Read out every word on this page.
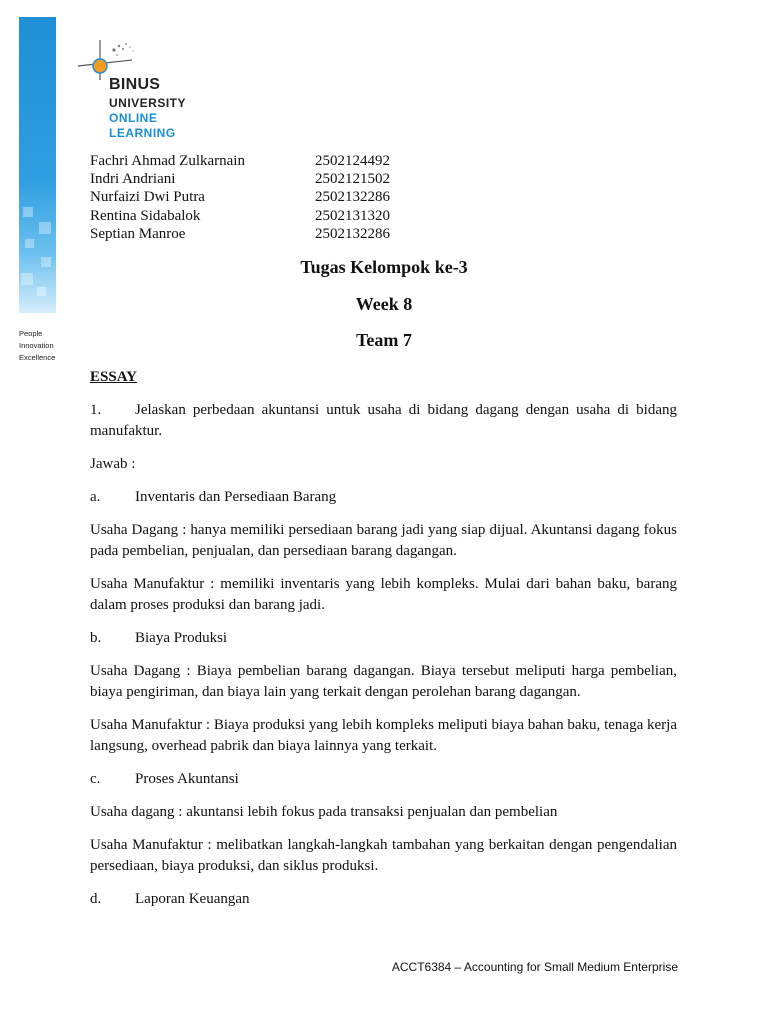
People
Innovation
Excellence
BINUS
UNIVERSITY
ONLINE
LEARNING
Fachri Ahmad Zulkarnain	2502124492
Indri Andriani	2502121502
Nurfaizi Dwi Putra	2502132286
Rentina Sidabalok	2502131320
Septian Manroe	2502132286
Tugas Kelompok ke-3
Week 8
Team 7

ESSAY

1. Jelaskan perbedaan akuntansi untuk usaha di bidang dagang dengan usaha di bidang manufaktur.

Jawab :

a.	Inventaris dan Persediaan Barang

Usaha Dagang : hanya memiliki persediaan barang jadi yang siap dijual. Akuntansi dagang fokus pada pembelian, penjualan, dan persediaan barang dagangan.

Usaha Manufaktur : memiliki inventaris yang lebih kompleks. Mulai dari bahan baku, barang dalam proses produksi dan barang jadi.

b.	Biaya Produksi

Usaha Dagang : Biaya pembelian barang dagangan. Biaya tersebut meliputi harga pembelian, biaya pengiriman, dan biaya lain yang terkait dengan perolehan barang dagangan.

Usaha Manufaktur : Biaya produksi yang lebih kompleks meliputi biaya bahan baku, tenaga kerja langsung, overhead pabrik dan biaya lainnya yang terkait.

c.	Proses Akuntansi

Usaha dagang : akuntansi lebih fokus pada transaksi penjualan dan pembelian

Usaha Manufaktur : melibatkan langkah-langkah tambahan yang berkaitan dengan pengendalian persediaan, biaya produksi, dan siklus produksi.

d.	Laporan Keuangan
ACCT6384 – Accounting for Small Medium Enterprise
